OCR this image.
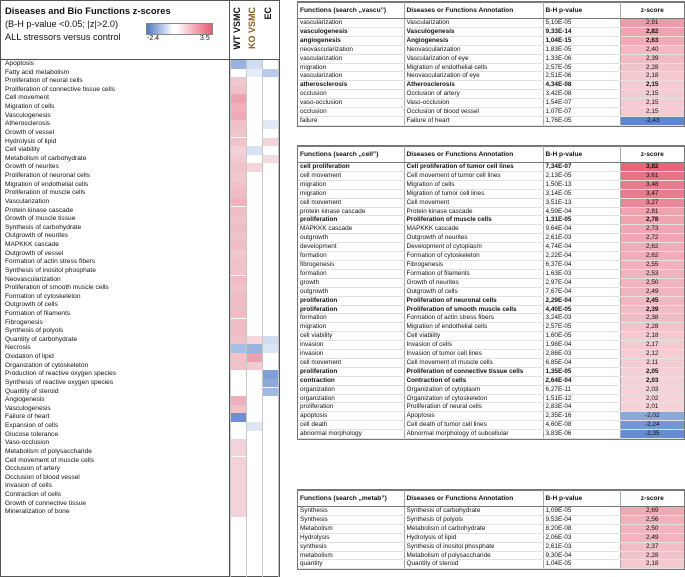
Diseases and Bio Functions z-scores
(B-H p-value <0.05; |z|>2.0)
ALL stressors versus control	-2.4	3.5 WT VSMC KO VSMC EC
Apoptosis
Fatty acid metabolism
Proliferation of neural cells
Proliferation of connective tissue cells
Cell movement
Migration of cells
Vasculogenesis
Atherosclerosis
Growth of vessel
Hydrolysis of lipid
Cell viability
Metabolism of carbohydrate
Growth of neurites
Proliferation of neuronal cells
Migration of endothelial cells
Proliferation of muscle cells
Vascularization
Protein kinase cascade
Growth of muscle tissue
Synthesis of carbohydrate
Outgrowth of neurites
MAPKKK cascade
Outgrowth of vessel
Formation of actin stress fibers
Synthesis of inositol phosphate
Neovascularization
Proliferation of smooth muscle cells
Formation of cytoskeleton
Outgrowth of cells
Formation of filaments
Fibrogenesis
Synthesis of polyols
Quantity of carbohydrate
Necrosis
Oxidation of lipid
Organization of cytoskeleton
Production of reactive oxygen species
Synthesis of reactive oxygen species
Quantity of steroid
Angiogenesis
Vasculogenesis
Failure of heart
Expansion of cells
Glucose tolerance
Vaso-occlusion
Metabolism of polysaccharide
Cell movement of muscle cells
Occlusion of artery
Occlusion of blood vessel
Invasion of cells
Contraction of cells
Growth of connective tissue
Mineralization of bone
Functions (search „vascu”)	Diseases or Functions Annotation	B-H p-value	z-score
vascularization	Vascularization	5,10E-05	2,91
vasculogenesis	Vasculogenesis	9,33E-14	2,82
angiogenesis	Angiogenesis	1,04E-15	2,63
neovascularization	Neovascularization	1,83E-05	2,40
vascularization	Vascularization of eye	1,33E-06	2,39
migration	Migration of endothelial cells	2,57E-05	2,28
vascularization	Neovascularization of eye	2,51E-06	2,18
atherosclerosis	Atherosclerosis	4,34E-08	2,15
occlusion	Occlusion of artery	3,42E-08	2,15
vaso-occlusion	Vaso-occlusion	1,54E-07	2,15
occlusion	Occlusion of blood vessel	1,07E-07	2,15
failure	Failure of heart	1,76E-05	-2,43
Functions (search „cell”)	Diseases or Functions Annotation	B-H p-value	z-score
cell proliferation	Cell proliferation of tumor cell lines	7,34E-07	3,82
cell movement	Cell movement of tumor cell lines	2,13E-05	3,61
migration	Migration of cells	1,50E-13	3,48
migration	Migration of tumor cell lines	3,14E-05	3,47
cell movement	Cell movement	3,51E-13	3,27
protein kinase cascade	Protein kinase cascade	4,59E-04	2,81
proliferation	Proliferation of muscle cells	1,31E-05	2,78
MAPKKK cascade	MAPKKK cascade	9,64E-04	2,73
outgrowth	Outgrowth of neurites	2,61E-03	2,72
development	Development of cytoplasm	4,74E-04	2,62
formation	Formation of cytoskeleton	2,22E-04	2,62
fibrogenesis	Fibrogenesis	6,37E-04	2,55
formation	Formation of filaments	1,63E-03	2,53
growth	Growth of neurites	2,97E-04	2,50
outgrowth	Outgrowth of cells	7,67E-04	2,49
proliferation	Proliferation of neuronal cells	2,29E-04	2,45
proliferation	Proliferation of smooth muscle cells	4,40E-05	2,39
formation	Formation of actin stress fibers	3,24E-03	2,38
migration	Migration of endothelial cells	2,57E-05	2,28
cell viability	Cell viability	1,60E-05	2,18
invasion	Invasion of cells	1,98E-04	2,17
invasion	Invasion of tumor cell lines	2,86E-03	2,12
cell movement	Cell movement of muscle cells	6,85E-04	2,11
proliferation	Proliferation of connective tissue cells	1,35E-05	2,05
contraction	Contraction of cells	2,64E-04	2,03
organization	Organization of cytoplasm	6,27E-11	2,03
organization	Organization of cytoskeleton	1,51E-12	2,02
proliferation	Proliferation of neural cells	2,83E-04	2,01
apoptosis	Apoptosis	2,35E-16	-2,02
cell death	Cell death of tumor cell lines	4,60E-08	-2,24
abnormal morphology	Abnormal morphology of subcellular	3,83E-06	-2,35
Functions (search „metab”)	Diseases or Functions Annotation	B-H p-value	z-score
Synthesis	Synthesis of carbohydrate	1,09E-05	2,69
Synthesis	Synthesis of polyols	9,53E-04	2,56
Metabolism	Metabolism of carbohydrate	8,20E-08	2,50
Hydrolysis	Hydrolysis of lipid	2,06E-03	2,49
synthesis	Synthesis of inositol phosphate	2,61E-03	2,37
metabolism	Metabolism of polysaccharide	9,30E-04	2,28
quantity	Quantity of steroid	1,04E-05	2,18
